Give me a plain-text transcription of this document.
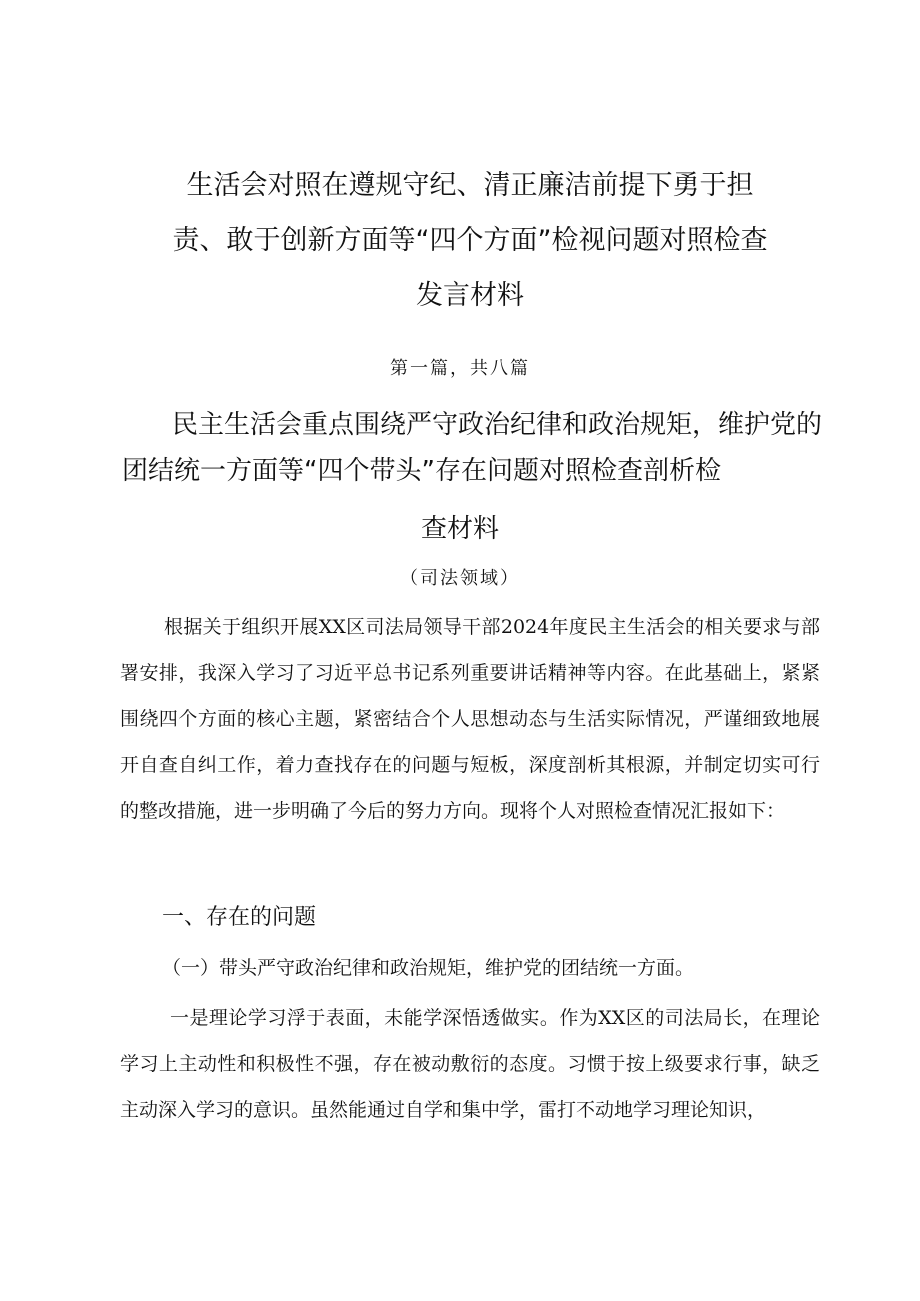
生活会对照在遵规守纪、清正廉洁前提下勇于担责、敢于创新方面等“四个方面”检视问题对照检查发言材料
第一篇，共八篇
民主生活会重点围绕严守政治纪律和政治规矩，维护党的团结统一方面等“四个带头”存在问题对照检查剖析检
查材料
（司法领域）
根据关于组织开展XX区司法局领导干部2024年度民主生活会的相关要求与部署安排，我深入学习了习近平总书记系列重要讲话精神等内容。在此基础上，紧紧围绕四个方面的核心主题，紧密结合个人思想动态与生活实际情况，严谨细致地展开自查自纠工作，着力查找存在的问题与短板，深度剖析其根源，并制定切实可行的整改措施，进一步明确了今后的努力方向。现将个人对照检查情况汇报如下：
一、存在的问题
（一）带头严守政治纪律和政治规矩，维护党的团结统一方面。
一是理论学习浮于表面，未能学深悟透做实。作为XX区的司法局长，在理论学习上主动性和积极性不强，存在被动敷衍的态度。习惯于按上级要求行事，缺乏主动深入学习的意识。虽然能通过自学和集中学，雷打不动地学习理论知识，
